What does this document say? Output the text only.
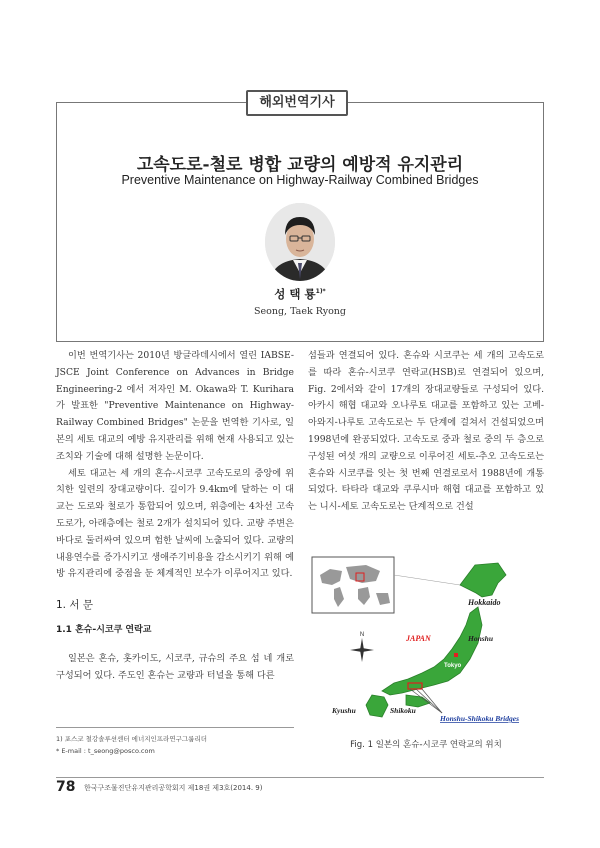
해외번역기사
고속도로-철로 병합 교량의 예방적 유지관리
Preventive Maintenance on Highway-Railway Combined Bridges
성 택 룡$^{1)*}$
Seong, Taek Ryong

이번 번역기사는 2010년 방글라데시에서 열린 IABSE-JSCE Joint Conference on Advances in Bridge Engineering-2 에서 저자인 M. Okawa와 T. Kurihara가 발표한 "Preventive Maintenance on Highway-Railway Combined Bridges" 논문을 번역한 기사로, 일본의 세토 대교의 예방 유지관리를 위해 현재 사용되고 있는 조치와 기술에 대해 설명한 논문이다.

세토 대교는 세 개의 혼슈-시코쿠 고속도로의 중앙에 위치한 일련의 장대교량이다. 길이가 9.4km에 달하는 이 대교는 도로와 철로가 통합되어 있으며, 위층에는 4차선 고속도로가, 아래층에는 철로 2개가 설치되어 있다. 교량 주변은 바다로 둘러싸여 있으며 험한 날씨에 노출되어 있다. 교량의 내용연수를 증가시키고 생애주기비용을 감소시키기 위해 예방 유지관리에 중점을 둔 체계적인 보수가 이루어지고 있다.

1. 서 문
1.1 혼슈-시코쿠 연락교

일본은 혼슈, 홋카이도, 시코쿠, 규슈의 주요 섬 네 개로 구성되어 있다. 주도인 혼슈는 교량과 터널을 통해 다른

섬들과 연결되어 있다. 혼슈와 시코쿠는 세 개의 고속도로를 따라 혼슈-시코쿠 연락교(HSB)로 연결되어 있으며, Fig. 2에서와 같이 17개의 장대교량들로 구성되어 있다. 아카시 해협 대교와 오나루토 대교를 포함하고 있는 고베-아와지-나루토 고속도로는 두 단계에 걸쳐서 건설되었으며 1998년에 완공되었다. 고속도로 중과 철로 중의 두 층으로 구성된 여섯 개의 교량으로 이루어진 세토-추오 고속도로는 혼슈와 시코쿠를 잇는 첫 번째 연결로로서 1988년에 개통되었다. 타타라 대교와 쿠루시마 해협 대교를 포함하고 있는 니시-세토 고속도로는 단계적으로 건설

N
Hokkaido
JAPAN	Honshu
Tokyo
Kyushu	Shikoku
Honshu-Shikoku Bridges
Fig. 1 일본의 혼슈-시코쿠 연락교의 위치
1) 포스코 철강솔루션센터 에너지인프라연구그룹리더
* E-mail : t_seong@posco.com
78 한국구조물진단유지관리공학회지 제18권 제3호(2014. 9)
